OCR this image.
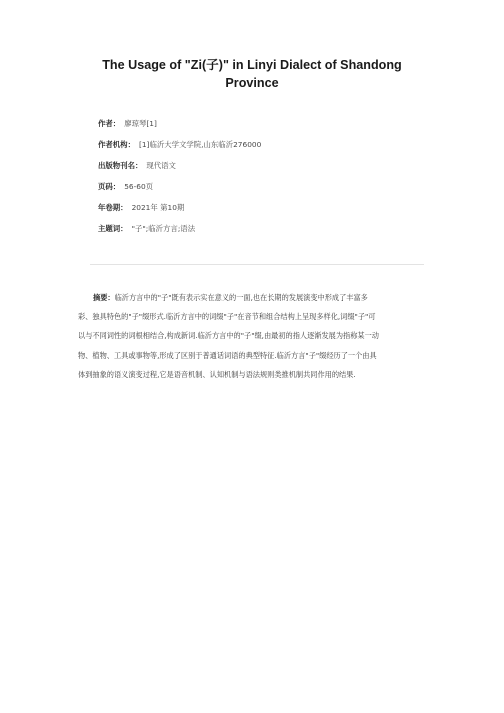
The Usage of "Zi(子)" in Linyi Dialect of Shandong
Province
作者： 廖琼琴[1]
作者机构： [1]临沂大学文学院,山东临沂276000
出版物刊名： 现代语文
页码： 56-60页
年卷期： 2021年 第10期
主题词： "子";临沂方言;语法
摘要：临沂方言中的"子"既有表示实在意义的一面,也在长期的发展演变中形成了丰富多
彩、独具特色的"子"缀形式.临沂方言中的词缀"子"在音节和组合结构上呈现多样化,词缀"子"可
以与不同词性的词根相结合,构成新词.临沂方言中的"子"缀,由最初的指人逐渐发展为指称某一动
物、植物、工具或事物等,形成了区别于普通话词语的典型特征.临沂方言"子"缀经历了一个由具
体到抽象的语义演变过程,它是语音机制、认知机制与语法规则类推机制共同作用的结果.
